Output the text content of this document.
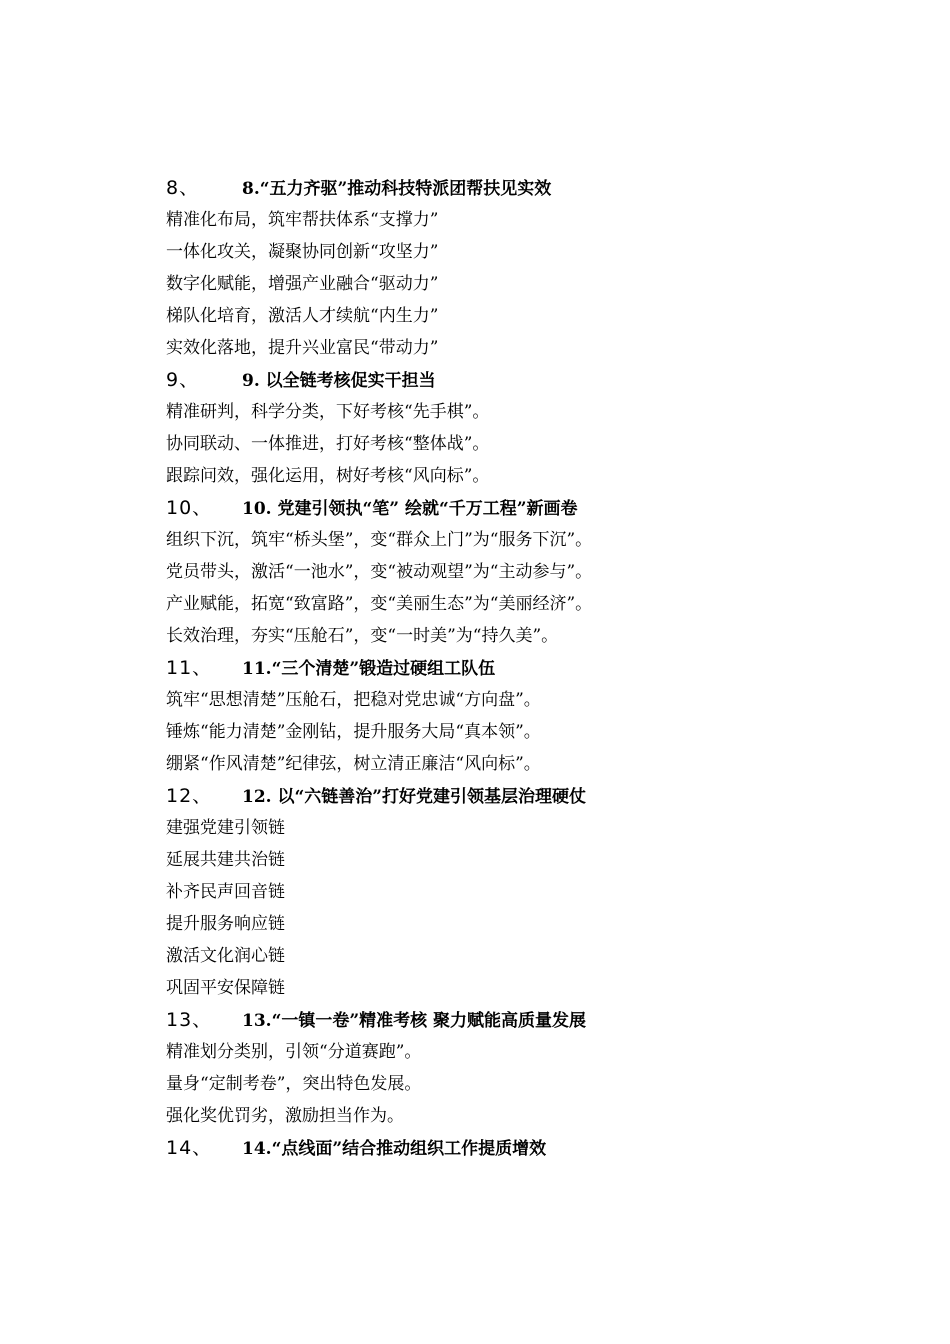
8、	8.“五力齐驱”推动科技特派团帮扶见实效
精准化布局，筑牢帮扶体系“支撑力”
一体化攻关，凝聚协同创新“攻坚力”
数字化赋能，增强产业融合“驱动力”
梯队化培育，激活人才续航“内生力”
实效化落地，提升兴业富民“带动力”
9、	9. 以全链考核促实干担当
精准研判，科学分类，下好考核“先手棋”。
协同联动、一体推进，打好考核“整体战”。
跟踪问效，强化运用，树好考核“风向标”。
10、 10. 党建引领执“笔” 绘就“千万工程”新画卷
组织下沉，筑牢“桥头堡”，变“群众上门”为“服务下沉”。
党员带头，激活“一池水”，变“被动观望”为“主动参与”。
产业赋能，拓宽“致富路”，变“美丽生态”为“美丽经济”。
长效治理，夯实“压舱石”，变“一时美”为“持久美”。
11、 11.“三个清楚”锻造过硬组工队伍
筑牢“思想清楚”压舱石，把稳对党忠诚“方向盘”。
锤炼“能力清楚”金刚钻，提升服务大局“真本领”。
绷紧“作风清楚”纪律弦，树立清正廉洁“风向标”。
12、 12. 以“六链善治”打好党建引领基层治理硬仗
建强党建引领链
延展共建共治链
补齐民声回音链
提升服务响应链
激活文化润心链
巩固平安保障链
13、 13.“一镇一卷”精准考核 聚力赋能高质量发展
精准划分类别，引领“分道赛跑”。
量身“定制考卷”，突出特色发展。
强化奖优罚劣，激励担当作为。
14、 14.“点线面”结合推动组织工作提质增效
